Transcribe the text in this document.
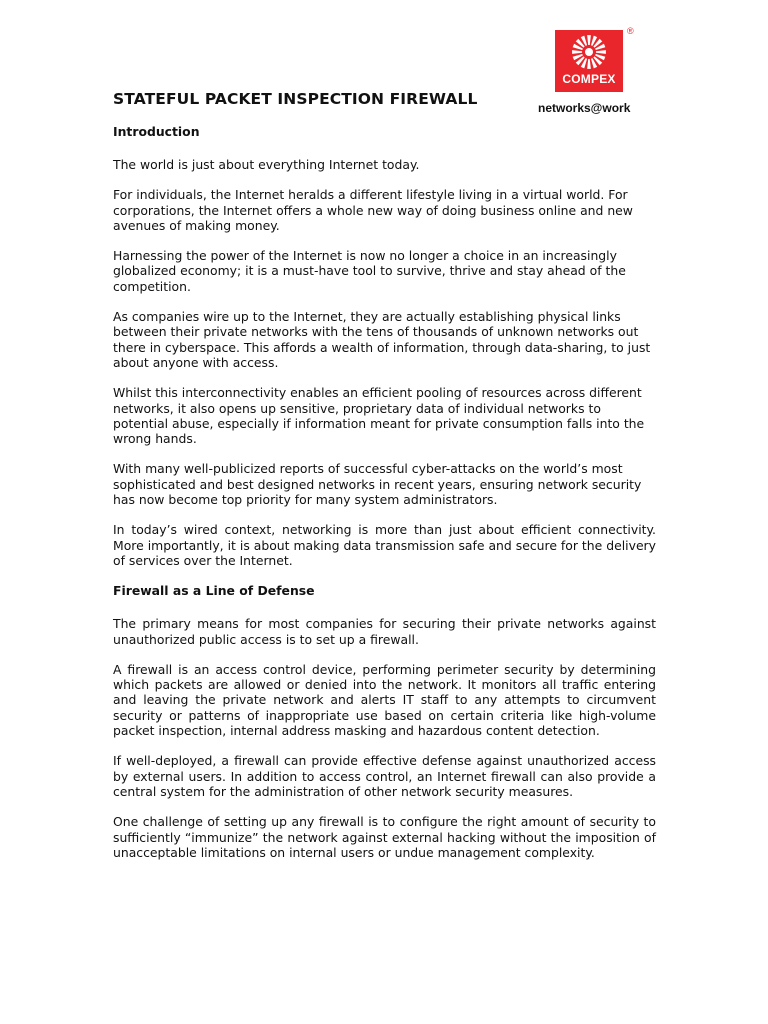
COMPEX
®
networks@work
STATEFUL PACKET INSPECTION FIREWALL
Introduction

The world is just about everything Internet today.

For individuals, the Internet heralds a different lifestyle living in a virtual world. For corporations, the Internet offers a whole new way of doing business online and new avenues of making money.

Harnessing the power of the Internet is now no longer a choice in an increasingly globalized economy; it is a must-have tool to survive, thrive and stay ahead of the competition.

As companies wire up to the Internet, they are actually establishing physical links between their private networks with the tens of thousands of unknown networks out there in cyberspace. This affords a wealth of information, through data-sharing, to just about anyone with access.

Whilst this interconnectivity enables an efficient pooling of resources across different networks, it also opens up sensitive, proprietary data of individual networks to potential abuse, especially if information meant for private consumption falls into the wrong hands.

With many well-publicized reports of successful cyber-attacks on the world’s most sophisticated and best designed networks in recent years, ensuring network security has now become top priority for many system administrators.

In today’s wired context, networking is more than just about efficient connectivity. More importantly, it is about making data transmission safe and secure for the delivery of services over the Internet.

Firewall as a Line of Defense

The primary means for most companies for securing their private networks against unauthorized public access is to set up a firewall.

A firewall is an access control device, performing perimeter security by determining which packets are allowed or denied into the network. It monitors all traffic entering and leaving the private network and alerts IT staff to any attempts to circumvent security or patterns of inappropriate use based on certain criteria like high-volume packet inspection, internal address masking and hazardous content detection.

If well-deployed, a firewall can provide effective defense against unauthorized access by external users. In addition to access control, an Internet firewall can also provide a central system for the administration of other network security measures.

One challenge of setting up any firewall is to configure the right amount of security to sufficiently “immunize” the network against external hacking without the imposition of unacceptable limitations on internal users or undue management complexity.
